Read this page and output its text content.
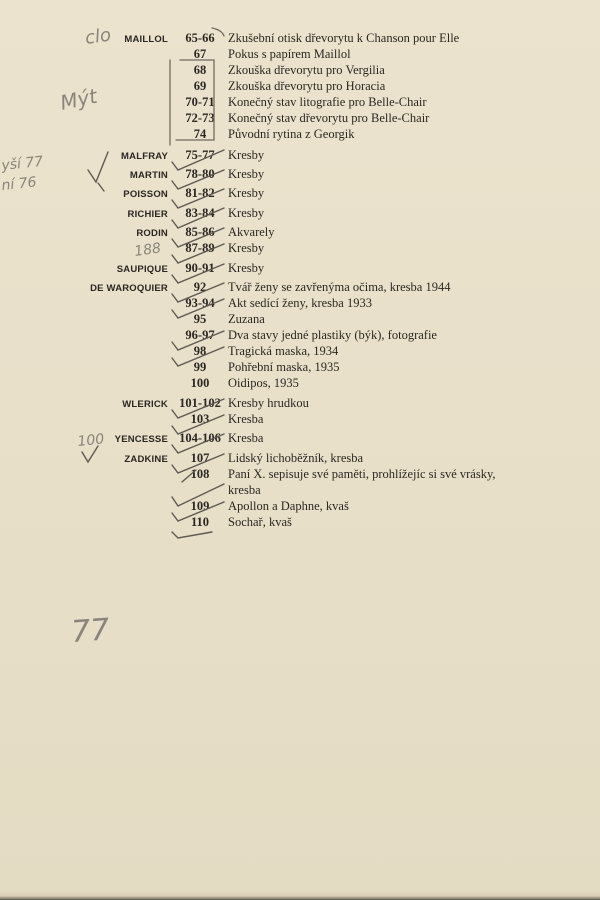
MAILLOL	65-66	Zkušební otisk dřevorytu k Chanson pour Elle
67	Pokus s papírem Maillol
68	Zkouška dřevorytu pro Vergilia
69	Zkouška dřevorytu pro Horacia
70-71	Konečný stav litografie pro Belle-Chair
72-73	Konečný stav dřevorytu pro Belle-Chair
74	Původní rytina z Georgik
MALFRAY	75-77	Kresby
MARTIN	78-80	Kresby
POISSON	81-82	Kresby
RICHIER	83-84	Kresby
RODIN	85-86	Akvarely
87-89	Kresby
SAUPIQUE	90-91	Kresby
DE WAROQUIER	92	Tvář ženy se zavřenýma očima, kresba 1944
93-94	Akt sedící ženy, kresba 1933
95	Zuzana
96-97	Dva stavy jedné plastiky (býk), fotografie
98	Tragická maska, 1934
99	Pohřební maska, 1935
100	Oidipos, 1935
WLERICK 101-102 Kresby hrudkou
103	Kresba
YENCESSE 104-106 Kresba
ZADKINE	107	Lidský lichoběžník, kresba
108	Paní X. sepisuje své paměti, prohlížejíc si své vrásky,
kresba
109	Apollon a Daphne, kvaš
110	Sochař, kvaš
clo
Mýt
yší 77
ní 76
188
100
77
